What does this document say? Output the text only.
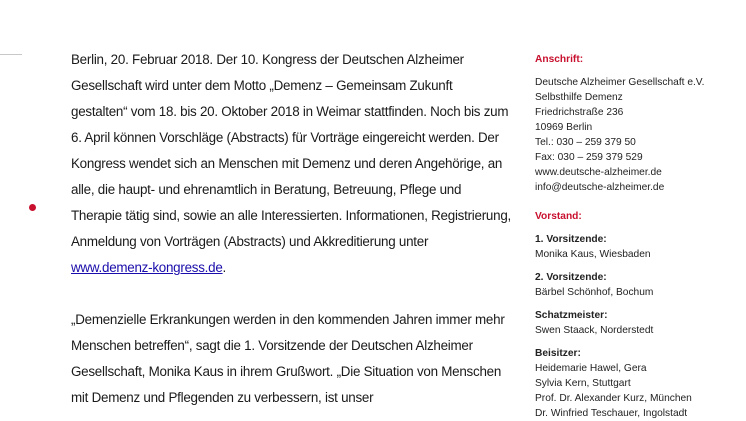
Berlin, 20. Februar 2018. Der 10. Kongress der Deutschen Alzheimer Gesellschaft wird unter dem Motto „Demenz – Gemeinsam Zukunft gestalten“ vom 18. bis 20. Oktober 2018 in Weimar stattfinden. Noch bis zum 6. April können Vorschläge (Abstracts) für Vorträge eingereicht werden. Der Kongress wendet sich an Menschen mit Demenz und deren Angehörige, an alle, die haupt- und ehrenamtlich in Beratung, Betreuung, Pflege und Therapie tätig sind, sowie an alle Interessierten. Informationen, Registrierung, Anmeldung von Vorträgen (Abstracts) und Akkreditierung unter www.demenz-kongress.de.

„Demenzielle Erkrankungen werden in den kommenden Jahren immer mehr Menschen betreffen“, sagt die 1. Vorsitzende der Deutschen Alzheimer Gesellschaft, Monika Kaus in ihrem Grußwort. „Die Situation von Menschen mit Demenz und Pflegenden zu verbessern, ist unser

Anschrift:
Deutsche Alzheimer Gesellschaft e.V.
Selbsthilfe Demenz
Friedrichstraße 236
10969 Berlin
Tel.: 030 – 259 379 50
Fax: 030 – 259 379 529
www.deutsche-alzheimer.de
info@deutsche-alzheimer.de
Vorstand:
1. Vorsitzende:
Monika Kaus, Wiesbaden
2. Vorsitzende:
Bärbel Schönhof, Bochum
Schatzmeister:
Swen Staack, Norderstedt
Beisitzer:
Heidemarie Hawel, Gera
Sylvia Kern, Stuttgart
Prof. Dr. Alexander Kurz, München
Dr. Winfried Teschauer, Ingolstadt
